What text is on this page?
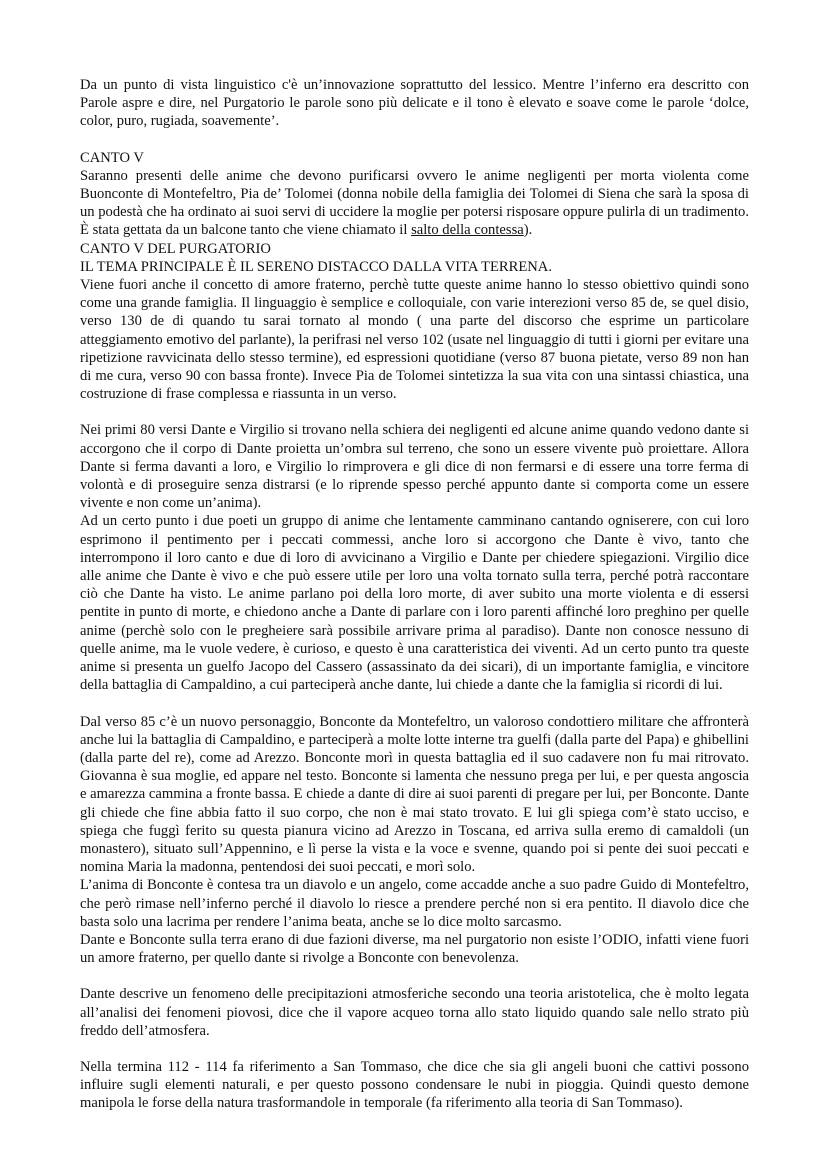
Da un punto di vista linguistico c'è un’innovazione soprattutto del lessico. Mentre l’inferno era descritto con Parole aspre e dire, nel Purgatorio le parole sono più delicate e il tono è elevato e soave come le parole ‘dolce, color, puro, rugiada, soavemente’.

CANTO V

Saranno presenti delle anime che devono purificarsi ovvero le anime negligenti per morta violenta come Buonconte di Montefeltro, Pia de’ Tolomei (donna nobile della famiglia dei Tolomei di Siena che sarà la sposa di un podestà che ha ordinato ai suoi servi di uccidere la moglie per potersi risposare oppure pulirla di un tradimento. È stata gettata da un balcone tanto che viene chiamato il salto della contessa).

CANTO V DEL PURGATORIO

IL TEMA PRINCIPALE È IL SERENO DISTACCO DALLA VITA TERRENA.

Viene fuori anche il concetto di amore fraterno, perchè tutte queste anime hanno lo stesso obiettivo quindi sono come una grande famiglia. Il linguaggio è semplice e colloquiale, con varie interezioni verso 85 de, se quel disio, verso 130 de di quando tu sarai tornato al mondo ( una parte del discorso che esprime un particolare atteggiamento emotivo del parlante), la perifrasi nel verso 102 (usate nel linguaggio di tutti i giorni per evitare una ripetizione ravvicinata dello stesso termine), ed espressioni quotidiane (verso 87 buona pietate, verso 89 non han di me cura, verso 90 con bassa fronte). Invece Pia de Tolomei sintetizza la sua vita con una sintassi chiastica, una costruzione di frase complessa e riassunta in un verso.

Nei primi 80 versi Dante e Virgilio si trovano nella schiera dei negligenti ed alcune anime quando vedono dante si accorgono che il corpo di Dante proietta un’ombra sul terreno, che sono un essere vivente può proiettare. Allora Dante si ferma davanti a loro, e Virgilio lo rimprovera e gli dice di non fermarsi e di essere una torre ferma di volontà e di proseguire senza distrarsi (e lo riprende spesso perché appunto dante si comporta come un essere vivente e non come un’anima).

Ad un certo punto i due poeti un gruppo di anime che lentamente camminano cantando ogniserere, con cui loro esprimono il pentimento per i peccati commessi, anche loro si accorgono che Dante è vivo, tanto che interrompono il loro canto e due di loro di avvicinano a Virgilio e Dante per chiedere spiegazioni. Virgilio dice alle anime che Dante è vivo e che può essere utile per loro una volta tornato sulla terra, perché potrà raccontare ciò che Dante ha visto. Le anime parlano poi della loro morte, di aver subito una morte violenta e di essersi pentite in punto di morte, e chiedono anche a Dante di parlare con i loro parenti affinché loro preghino per quelle anime (perchè solo con le pregheiere sarà possibile arrivare prima al paradiso). Dante non conosce nessuno di quelle anime, ma le vuole vedere, è curioso, e questo è una caratteristica dei viventi. Ad un certo punto tra queste anime si presenta un guelfo Jacopo del Cassero (assassinato da dei sicari), di un importante famiglia, e vincitore della battaglia di Campaldino, a cui parteciperà anche dante, lui chiede a dante che la famiglia si ricordi di lui.

Dal verso 85 c’è un nuovo personaggio, Bonconte da Montefeltro, un valoroso condottiero militare che affronterà anche lui la battaglia di Campaldino, e parteciperà a molte lotte interne tra guelfi (dalla parte del Papa) e ghibellini (dalla parte del re), come ad Arezzo. Bonconte morì in questa battaglia ed il suo cadavere non fu mai ritrovato. Giovanna è sua moglie, ed appare nel testo. Bonconte si lamenta che nessuno prega per lui, e per questa angoscia e amarezza cammina a fronte bassa. E chiede a dante di dire ai suoi parenti di pregare per lui, per Bonconte. Dante gli chiede che fine abbia fatto il suo corpo, che non è mai stato trovato. E lui gli spiega com’è stato ucciso, e spiega che fuggì ferito su questa pianura vicino ad Arezzo in Toscana, ed arriva sulla eremo di camaldoli (un monastero), situato sull’Appennino, e lì perse la vista e la voce e svenne, quando poi si pente dei suoi peccati e nomina Maria la madonna, pentendosi dei suoi peccati, e morì solo.

L’anima di Bonconte è contesa tra un diavolo e un angelo, come accadde anche a suo padre Guido di Montefeltro, che però rimase nell’inferno perché il diavolo lo riesce a prendere perché non si era pentito. Il diavolo dice che basta solo una lacrima per rendere l’anima beata, anche se lo dice molto sarcasmo.

Dante e Bonconte sulla terra erano di due fazioni diverse, ma nel purgatorio non esiste l’ODIO, infatti viene fuori un amore fraterno, per quello dante si rivolge a Bonconte con benevolenza.

Dante descrive un fenomeno delle precipitazioni atmosferiche secondo una teoria aristotelica, che è molto legata all’analisi dei fenomeni piovosi, dice che il vapore acqueo torna allo stato liquido quando sale nello strato più freddo dell’atmosfera.

Nella termina 112 - 114 fa riferimento a San Tommaso, che dice che sia gli angeli buoni che cattivi possono influire sugli elementi naturali, e per questo possono condensare le nubi in pioggia. Quindi questo demone manipola le forse della natura trasformandole in temporale (fa riferimento alla teoria di San Tommaso).
